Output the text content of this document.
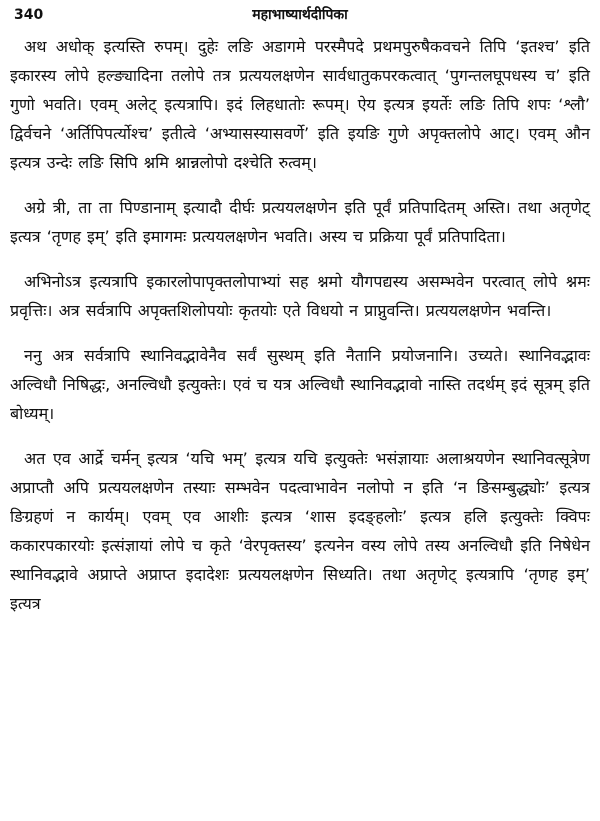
340	महाभाष्यार्थदीपिका

अथ अधोक् इत्यस्ति रुपम्। दुहेः लङि अडागमे परस्मैपदे प्रथमपुरुषैकवचने तिपि ‘इतश्च’ इति इकारस्य लोपे हल्ङ्यादिना तलोपे तत्र प्रत्ययलक्षणेन सार्वधातुकपरकत्वात् ‘पुगन्तलघूपधस्य च’ इति गुणो भवति। एवम् अलेट् इत्यत्रापि। इदं लिहधातोः रूपम्। ऐय इत्यत्र इयर्तेः लङि तिपि शपः ‘श्लौ’ द्विर्वचने ‘अर्तिपिपर्त्योश्च’ इतीत्वे ‘अभ्यासस्यासवर्णे’ इति इयङि गुणे अपृक्तलोपे आट्। एवम् औन इत्यत्र उन्देः लङि सिपि श्नमि श्नान्नलोपो दश्चेति रुत्वम्।

अग्रे त्री, ता ता पिण्डानाम् इत्यादौ दीर्घः प्रत्ययलक्षणेन इति पूर्वं प्रतिपादितम् अस्ति। तथा अतृणेट् इत्यत्र ‘तृणह इम्’ इति इमागमः प्रत्ययलक्षणेन भवति। अस्य च प्रक्रिया पूर्वं प्रतिपादिता।

अभिनोऽत्र इत्यत्रापि इकारलोपापृक्तलोपाभ्यां सह श्नमो यौगपद्यस्य असम्भवेन परत्वात् लोपे श्नमः प्रवृत्तिः। अत्र सर्वत्रापि अपृक्तशिलोपयोः कृतयोः एते विधयो न प्राप्नुवन्ति। प्रत्ययलक्षणेन भवन्ति।

ननु अत्र सर्वत्रापि स्थानिवद्भावेनैव सर्वं सुस्थम् इति नैतानि प्रयोजनानि। उच्यते। स्थानिवद्भावः अल्विधौ निषिद्धः, अनल्विधौ इत्युक्तेः। एवं च यत्र अल्विधौ स्थानिवद्भावो नास्ति तदर्थम् इदं सूत्रम् इति बोध्यम्।

अत एव आर्द्रे चर्मन् इत्यत्र ‘यचि भम्’ इत्यत्र यचि इत्युक्तेः भसंज्ञायाः अलाश्रयणेन स्थानिवत्सूत्रेण अप्राप्तौ अपि प्रत्ययलक्षणेन तस्याः सम्भवेन पदत्वाभावेन नलोपो न इति ‘न ङिसम्बुद्ध्योः’ इत्यत्र ङिग्रहणं न कार्यम्। एवम् एव आशीः इत्यत्र ‘शास इदङ्हलोः’ इत्यत्र हलि इत्युक्तेः क्विपः ककारपकारयोः इत्संज्ञायां लोपे च कृते ‘वेरपृक्तस्य’ इत्यनेन वस्य लोपे तस्य अनल्विधौ इति निषेधेन स्थानिवद्भावे अप्राप्ते अप्राप्त इदादेशः प्रत्ययलक्षणेन सिध्यति। तथा अतृणेट् इत्यत्रापि ‘तृणह इम्’ इत्यत्र
